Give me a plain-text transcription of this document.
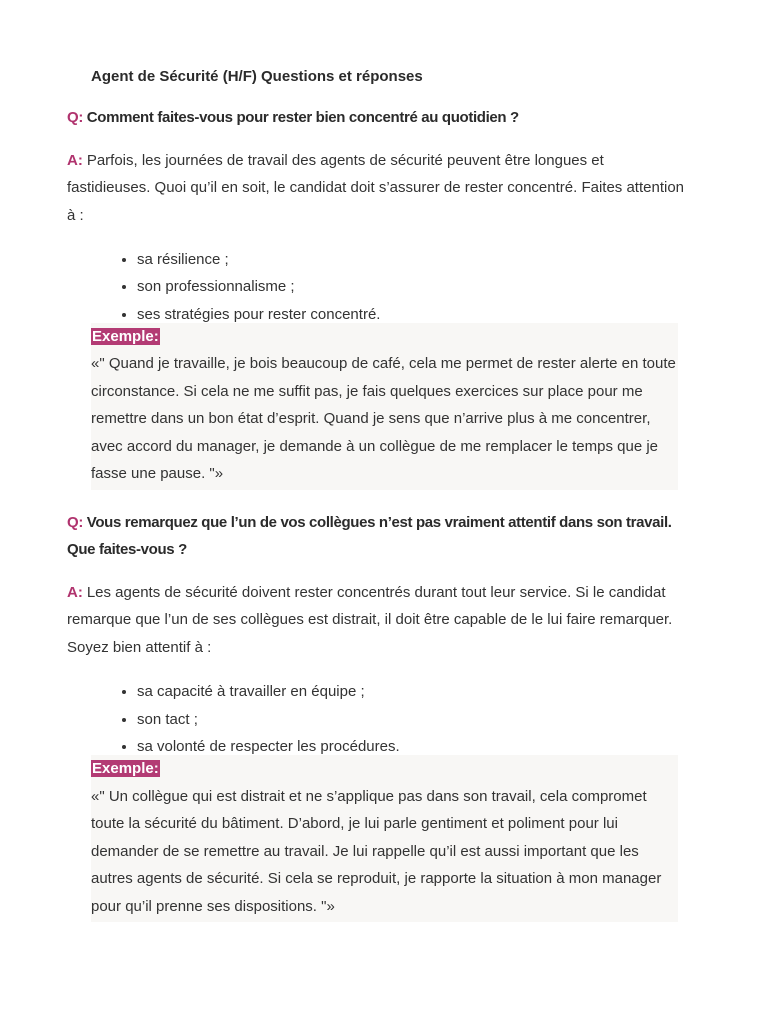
Agent de Sécurité (H/F) Questions et réponses

Q: Comment faites-vous pour rester bien concentré au quotidien ?

A: Parfois, les journées de travail des agents de sécurité peuvent être longues et fastidieuses. Quoi qu’il en soit, le candidat doit s’assurer de rester concentré. Faites attention à :

• sa résilience ;
• son professionnalisme ;
• ses stratégies pour rester concentré.
Exemple:

«" Quand je travaille, je bois beaucoup de café, cela me permet de rester alerte en toute circonstance. Si cela ne me suffit pas, je fais quelques exercices sur place pour me remettre dans un bon état d’esprit. Quand je sens que n’arrive plus à me concentrer, avec accord du manager, je demande à un collègue de me remplacer le temps que je fasse une pause. "»

Q: Vous remarquez que l’un de vos collègues n’est pas vraiment attentif dans son travail. Que faites-vous ?

A: Les agents de sécurité doivent rester concentrés durant tout leur service. Si le candidat remarque que l’un de ses collègues est distrait, il doit être capable de le lui faire remarquer. Soyez bien attentif à :

• sa capacité à travailler en équipe ;
• son tact ;
• sa volonté de respecter les procédures.
Exemple:

«" Un collègue qui est distrait et ne s’applique pas dans son travail, cela compromet toute la sécurité du bâtiment. D’abord, je lui parle gentiment et poliment pour lui demander de se remettre au travail. Je lui rappelle qu’il est aussi important que les autres agents de sécurité. Si cela se reproduit, je rapporte la situation à mon manager pour qu’il prenne ses dispositions. "»
